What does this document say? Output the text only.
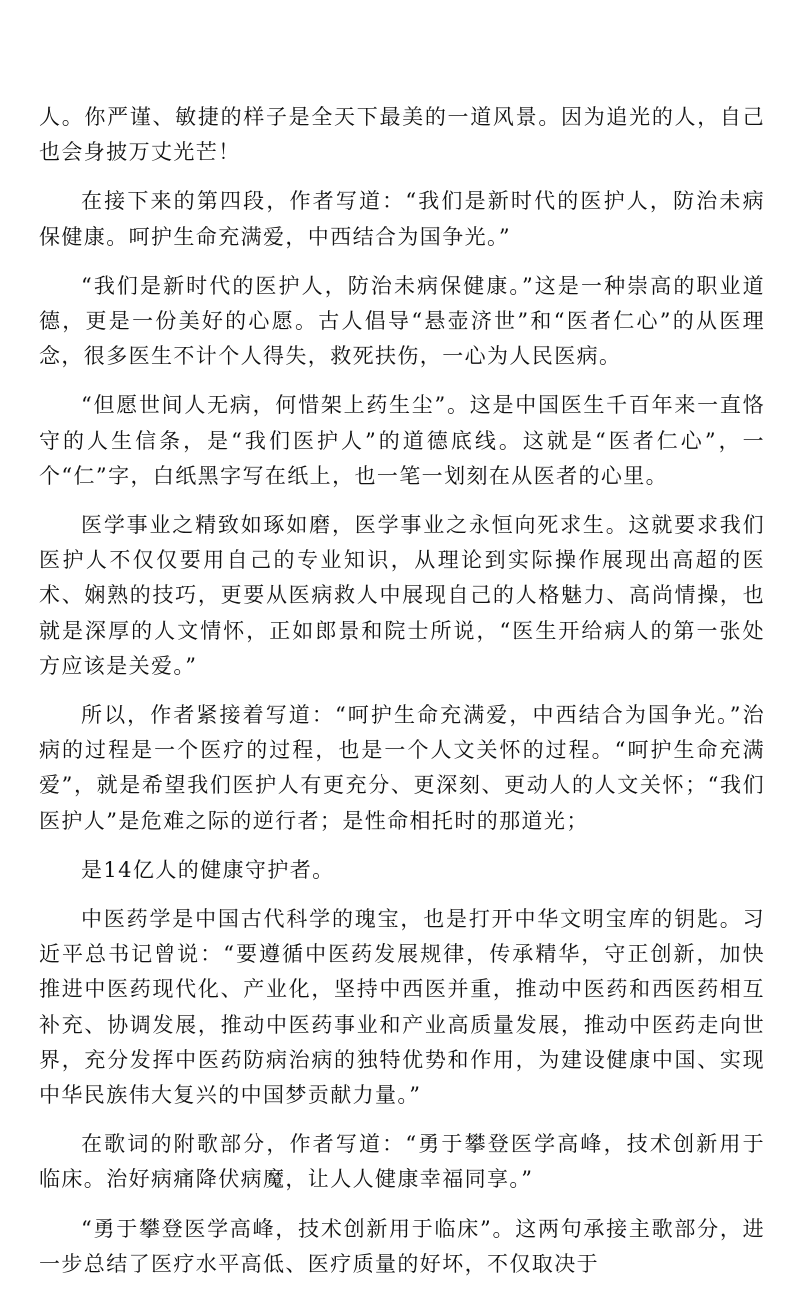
人。你严谨、敏捷的样子是全天下最美的一道风景。因为追光的人，自己也会身披万丈光芒！

在接下来的第四段，作者写道：“我们是新时代的医护人，防治未病保健康。呵护生命充满爱，中西结合为国争光。”

“我们是新时代的医护人，防治未病保健康。”这是一种崇高的职业道德，更是一份美好的心愿。古人倡导“悬壶济世”和“医者仁心”的从医理念，很多医生不计个人得失，救死扶伤，一心为人民医病。

“但愿世间人无病，何惜架上药生尘”。这是中国医生千百年来一直恪守的人生信条，是“我们医护人”的道德底线。这就是“医者仁心”，一个“仁”字，白纸黑字写在纸上，也一笔一划刻在从医者的心里。

医学事业之精致如琢如磨，医学事业之永恒向死求生。这就要求我们医护人不仅仅要用自己的专业知识，从理论到实际操作展现出高超的医术、娴熟的技巧，更要从医病救人中展现自己的人格魅力、高尚情操，也就是深厚的人文情怀，正如郎景和院士所说，“医生开给病人的第一张处方应该是关爱。”

所以，作者紧接着写道：“呵护生命充满爱，中西结合为国争光。”治病的过程是一个医疗的过程，也是一个人文关怀的过程。“呵护生命充满爱”，就是希望我们医护人有更充分、更深刻、更动人的人文关怀；“我们医护人”是危难之际的逆行者；是性命相托时的那道光；

是14亿人的健康守护者。

中医药学是中国古代科学的瑰宝，也是打开中华文明宝库的钥匙。习近平总书记曾说：“要遵循中医药发展规律，传承精华，守正创新，加快推进中医药现代化、产业化，坚持中西医并重，推动中医药和西医药相互补充、协调发展，推动中医药事业和产业高质量发展，推动中医药走向世界，充分发挥中医药防病治病的独特优势和作用，为建设健康中国、实现中华民族伟大复兴的中国梦贡献力量。”

在歌词的附歌部分，作者写道：“勇于攀登医学高峰，技术创新用于临床。治好病痛降伏病魔，让人人健康幸福同享。”

“勇于攀登医学高峰，技术创新用于临床”。这两句承接主歌部分，进一步总结了医疗水平高低、医疗质量的好坏，不仅取决于
